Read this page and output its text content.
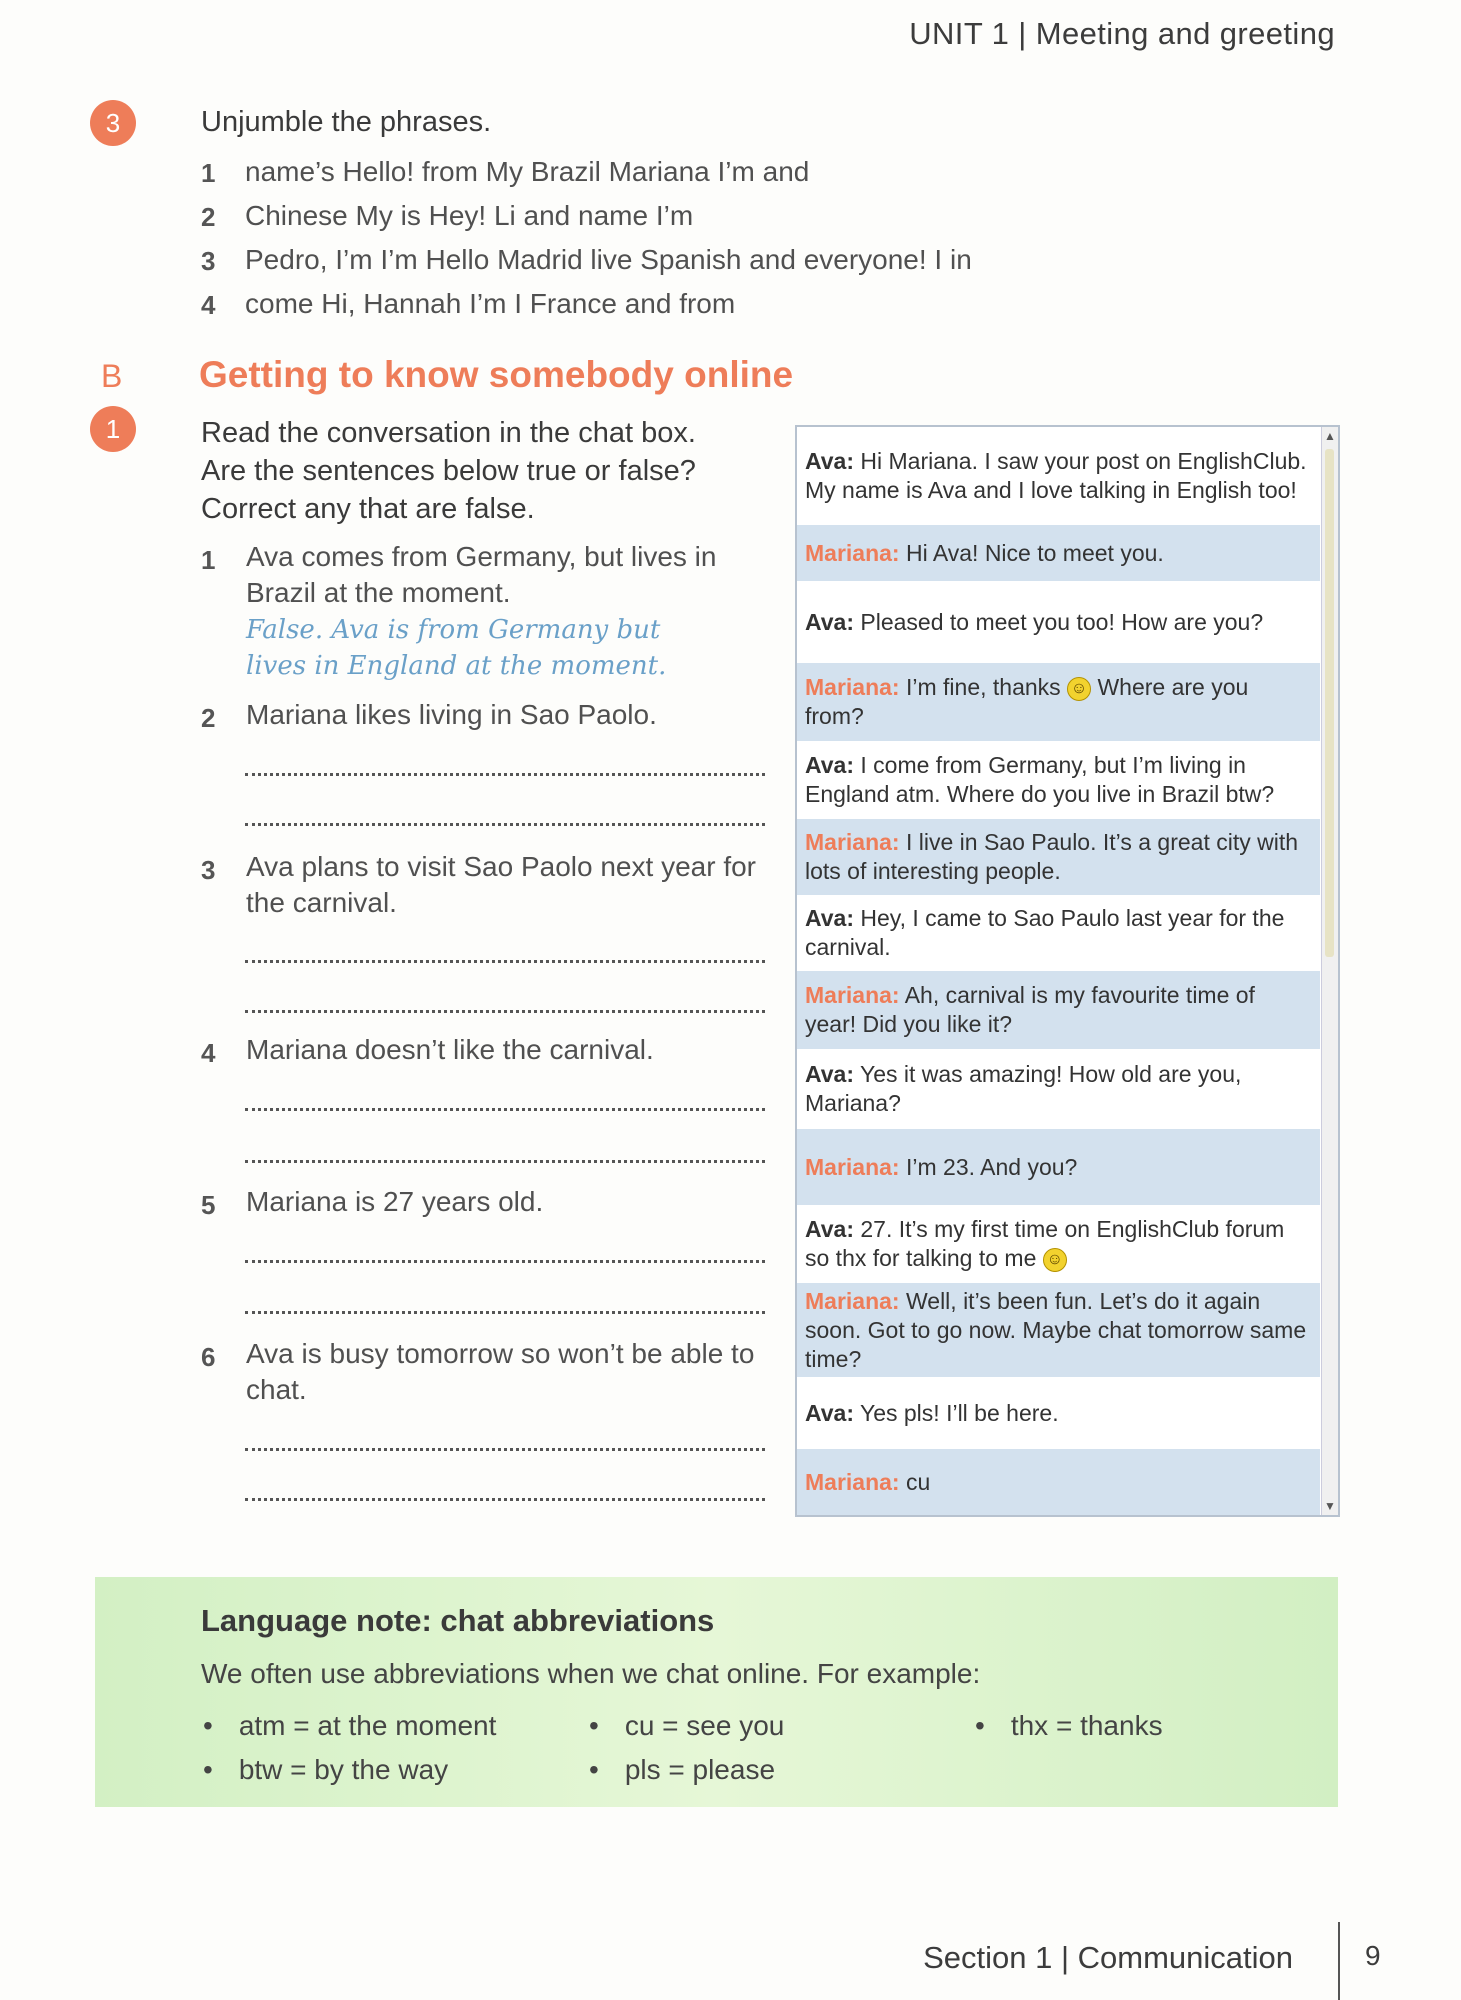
UNIT 1 | Meeting and greeting
3	Unjumble the phrases.
1 name’s Hello! from My Brazil Mariana I’m and
2 Chinese My is Hey! Li and name I’m
3 Pedro, I’m I’m Hello Madrid live Spanish and everyone! I in
4 come Hi, Hannah I’m I France and from
B Getting to know somebody online
1	Read the conversation in the chat box.
Are the sentences below true or false?
Correct any that are false.
1 Ava comes from Germany, but lives in
Brazil at the moment.
False. Ava is from Germany but
lives in England at the moment.
2 Mariana likes living in Sao Paolo.
3 Ava plans to visit Sao Paolo next year for
the carnival.
4 Mariana doesn’t like the carnival.
5 Mariana is 27 years old.
6 Ava is busy tomorrow so won’t be able to
chat.
Ava: Hi Mariana. I saw your post on EnglishClub. My name is Ava and I love talking in English too!
Mariana: Hi Ava! Nice to meet you.
Ava: Pleased to meet you too! How are you?
Mariana: I’m fine, thanks ☺ Where are you from?
Ava: I come from Germany, but I’m living in England atm. Where do you live in Brazil btw?
Mariana: I live in Sao Paulo. It’s a great city with lots of interesting people.
Ava: Hey, I came to Sao Paulo last year for the carnival.
Mariana: Ah, carnival is my favourite time of year! Did you like it?
Ava: Yes it was amazing! How old are you, Mariana?
Mariana: I’m 23. And you?
Ava: 27. It’s my first time on EnglishClub forum so thx for talking to me ☺
Mariana: Well, it’s been fun. Let’s do it again soon. Got to go now. Maybe chat tomorrow same time?
Ava: Yes pls! I’ll be here.
Mariana: cu
▲
▼
Language note: chat abbreviations
We often use abbreviations when we chat online. For example:
• atm = at the moment
• btw = by the way
• cu = see you
• pls = please
• thx = thanks
Section 1 | Communication	9
